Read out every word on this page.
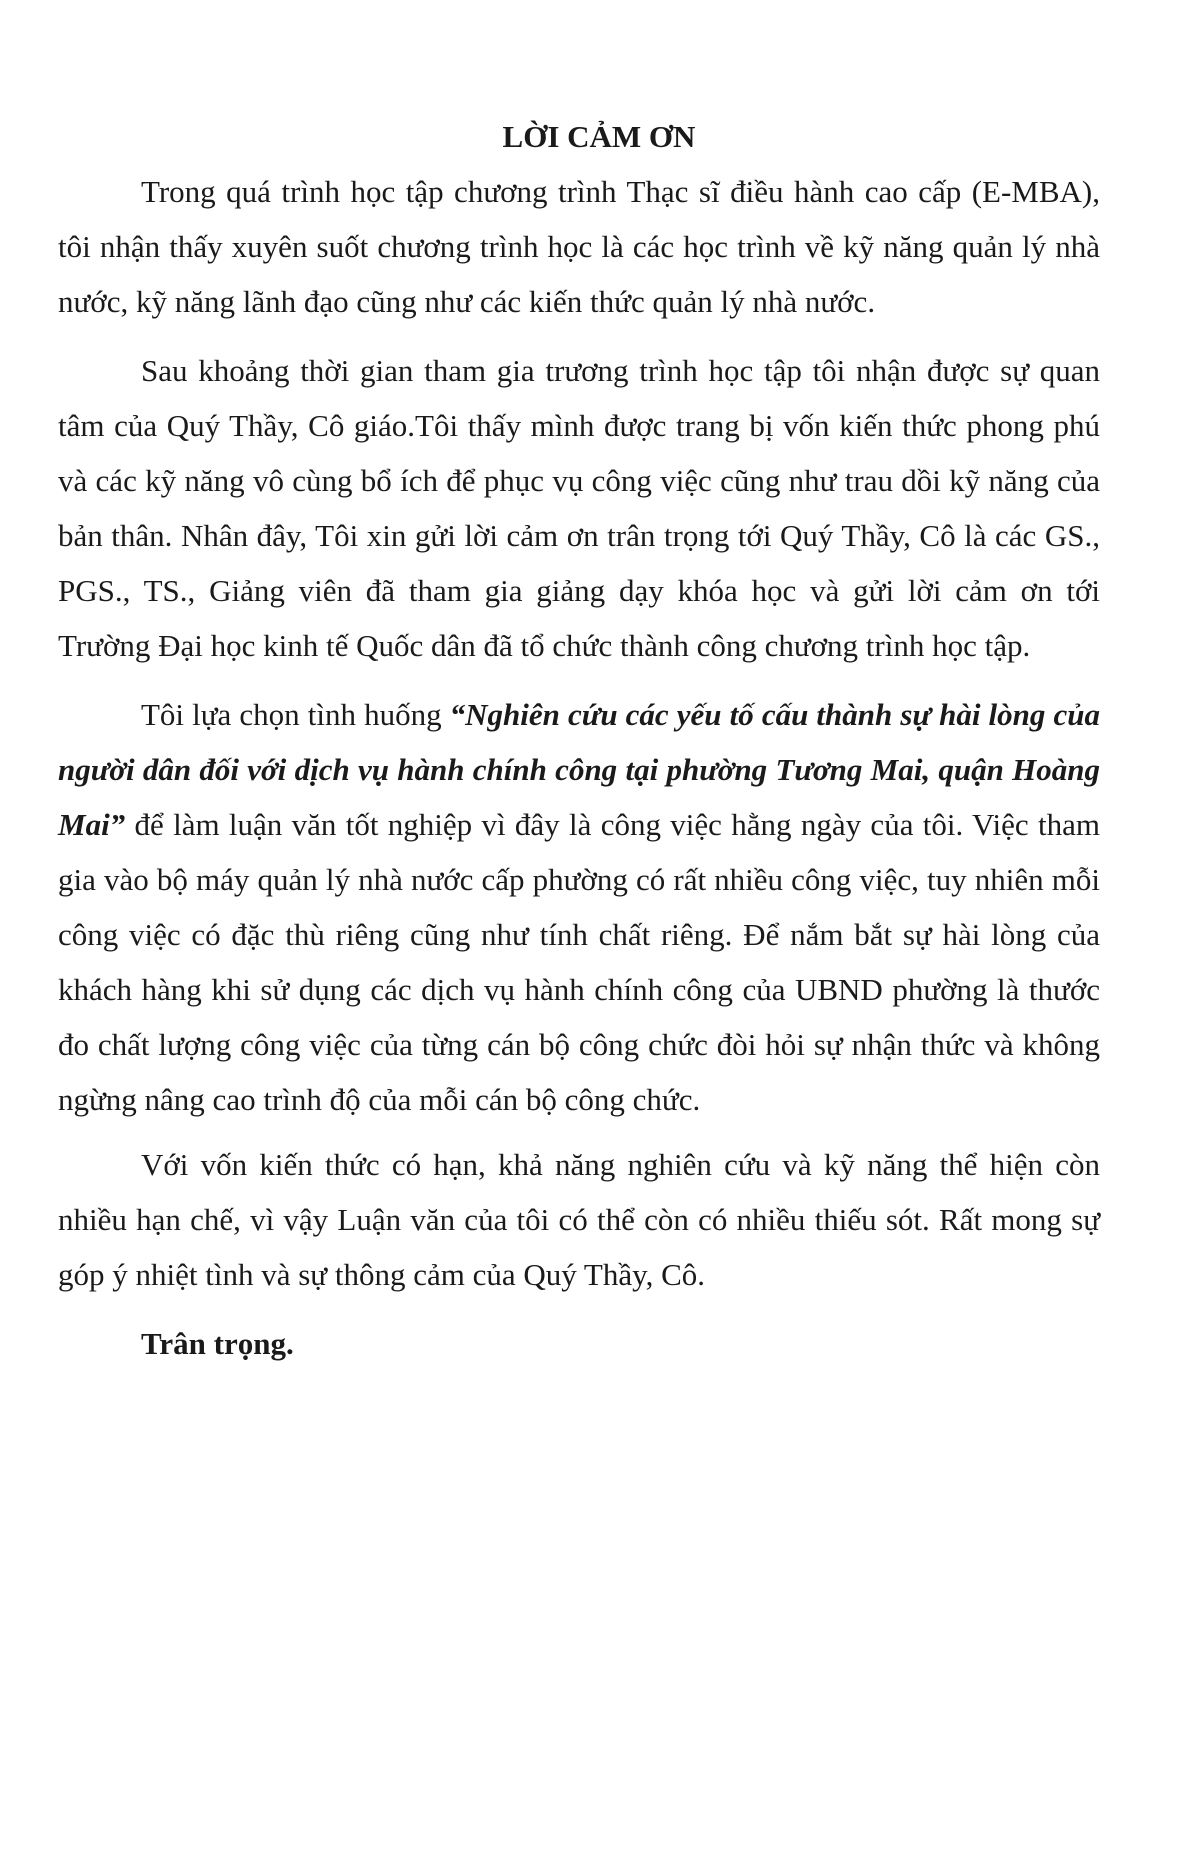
LỜI CẢM ƠN

Trong quá trình học tập chương trình Thạc sĩ điều hành cao cấp (E-MBA), tôi nhận thấy xuyên suốt chương trình học là các học trình về kỹ năng quản lý nhà nước, kỹ năng lãnh đạo cũng như các kiến thức quản lý nhà nước.

Sau khoảng thời gian tham gia trương trình học tập tôi nhận được sự quan tâm của Quý Thầy, Cô giáo.Tôi thấy mình được trang bị vốn kiến thức phong phú và các kỹ năng vô cùng bổ ích để phục vụ công việc cũng như trau dồi kỹ năng của bản thân. Nhân đây, Tôi xin gửi lời cảm ơn trân trọng tới Quý Thầy, Cô là các GS., PGS., TS., Giảng viên đã tham gia giảng dạy khóa học và gửi lời cảm ơn tới Trường Đại học kinh tế Quốc dân đã tổ chức thành công chương trình học tập.

Tôi lựa chọn tình huống “Nghiên cứu các yếu tố cấu thành sự hài lòng của người dân đối với dịch vụ hành chính công tại phường Tương Mai, quận Hoàng Mai” để làm luận văn tốt nghiệp vì đây là công việc hằng ngày của tôi. Việc tham gia vào bộ máy quản lý nhà nước cấp phường có rất nhiều công việc, tuy nhiên mỗi công việc có đặc thù riêng cũng như tính chất riêng. Để nắm bắt sự hài lòng của khách hàng khi sử dụng các dịch vụ hành chính công của UBND phường là thước đo chất lượng công việc của từng cán bộ công chức đòi hỏi sự nhận thức và không ngừng nâng cao trình độ của mỗi cán bộ công chức.

Với vốn kiến thức có hạn, khả năng nghiên cứu và kỹ năng thể hiện còn nhiều hạn chế, vì vậy Luận văn của tôi có thể còn có nhiều thiếu sót. Rất mong sự góp ý nhiệt tình và sự thông cảm của Quý Thầy, Cô.

Trân trọng.
